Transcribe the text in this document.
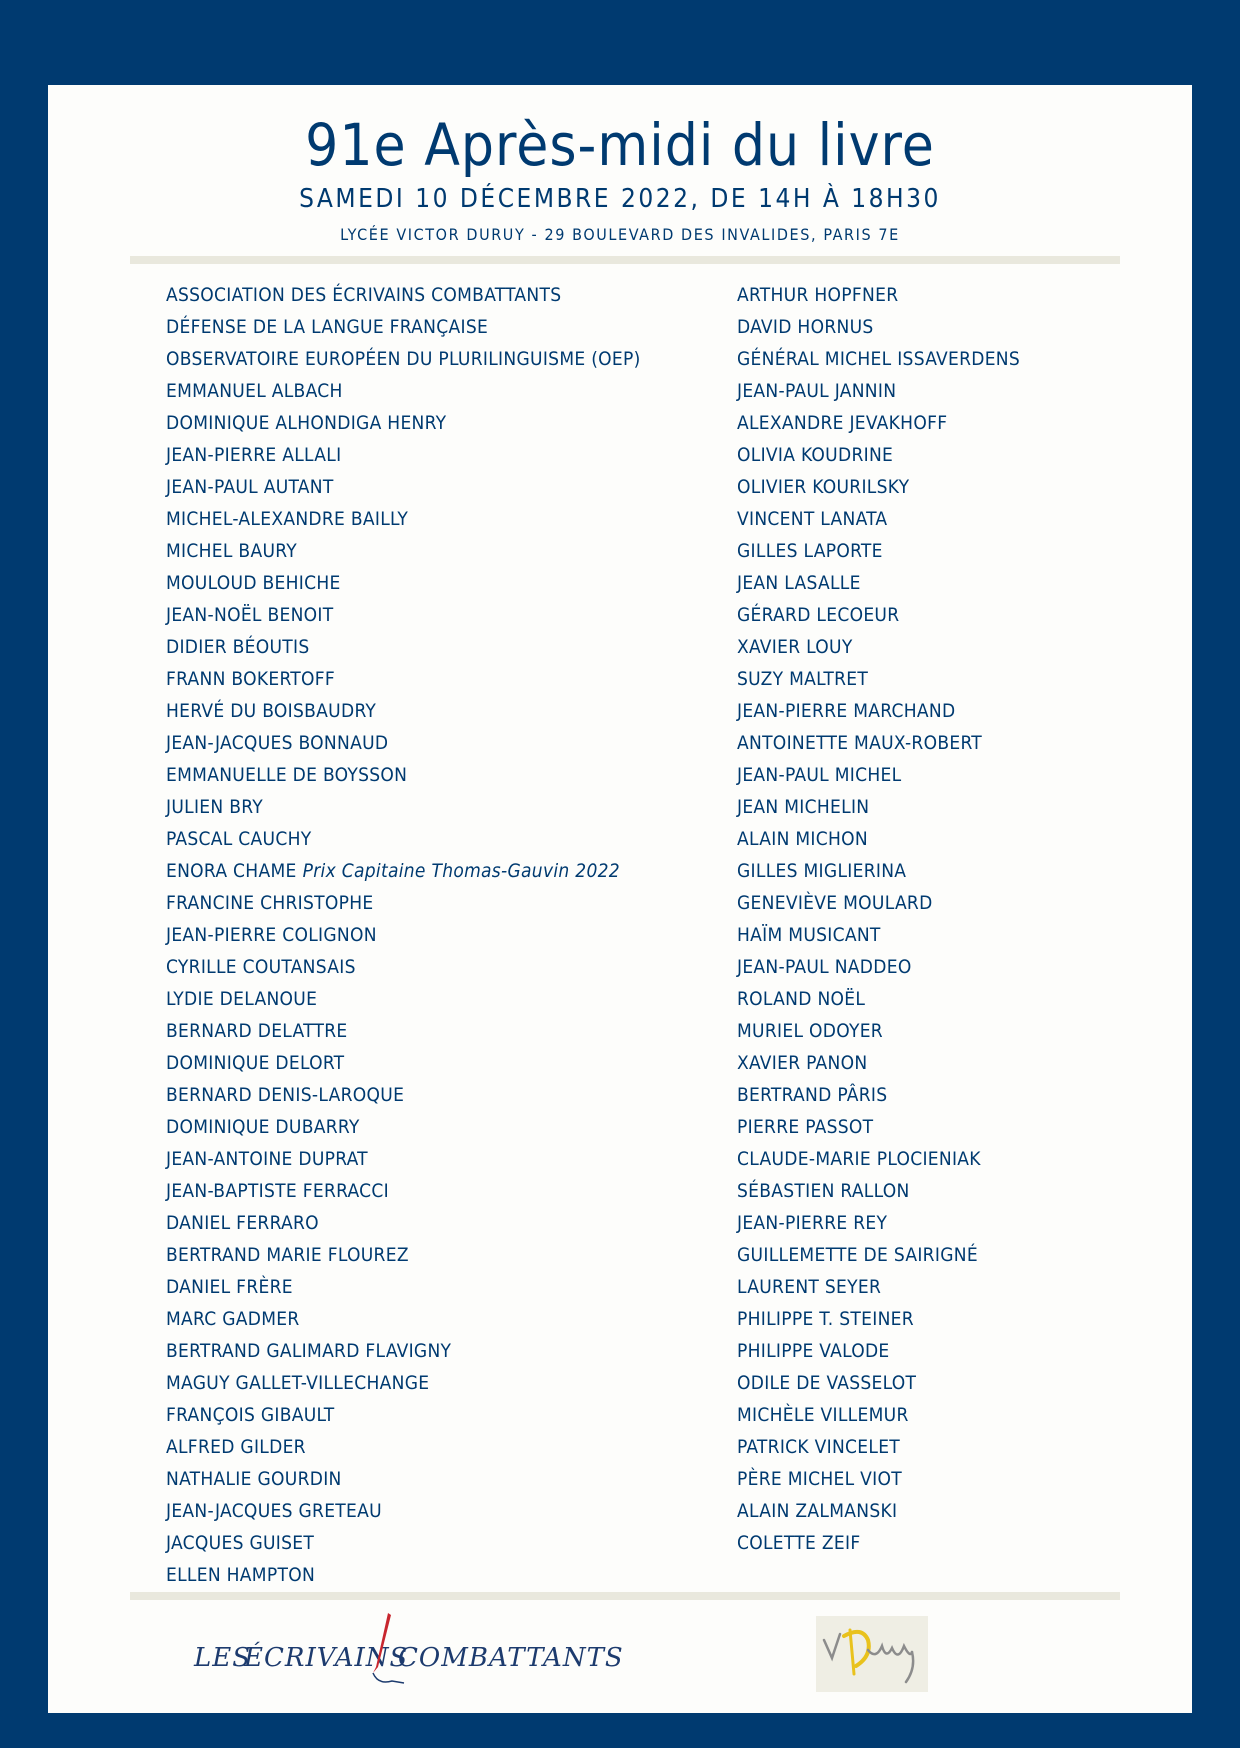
91e Après-midi du livre
SAMEDI 10 DÉCEMBRE 2022, DE 14H À 18H30
LYCÉE VICTOR DURUY - 29 BOULEVARD DES INVALIDES, PARIS 7E
ASSOCIATION DES ÉCRIVAINS COMBATTANTS
DÉFENSE DE LA LANGUE FRANÇAISE
OBSERVATOIRE EUROPÉEN DU PLURILINGUISME (OEP)
EMMANUEL ALBACH
DOMINIQUE ALHONDIGA HENRY
JEAN-PIERRE ALLALI
JEAN-PAUL AUTANT
MICHEL-ALEXANDRE BAILLY
MICHEL BAURY
MOULOUD BEHICHE
JEAN-NOËL BENOIT
DIDIER BÉOUTIS
FRANN BOKERTOFF
HERVÉ DU BOISBAUDRY
JEAN-JACQUES BONNAUD
EMMANUELLE DE BOYSSON
JULIEN BRY
PASCAL CAUCHY
ENORA CHAME Prix Capitaine Thomas-Gauvin 2022
FRANCINE CHRISTOPHE
JEAN-PIERRE COLIGNON
CYRILLE COUTANSAIS
LYDIE DELANOUE
BERNARD DELATTRE
DOMINIQUE DELORT
BERNARD DENIS-LAROQUE
DOMINIQUE DUBARRY
JEAN-ANTOINE DUPRAT
JEAN-BAPTISTE FERRACCI
DANIEL FERRARO
BERTRAND MARIE FLOUREZ
DANIEL FRÈRE
MARC GADMER
BERTRAND GALIMARD FLAVIGNY
MAGUY GALLET-VILLECHANGE
FRANÇOIS GIBAULT
ALFRED GILDER
NATHALIE GOURDIN
JEAN-JACQUES GRETEAU
JACQUES GUISET
ELLEN HAMPTON
ARTHUR HOPFNER
DAVID HORNUS
GÉNÉRAL MICHEL ISSAVERDENS
JEAN-PAUL JANNIN
ALEXANDRE JEVAKHOFF
OLIVIA KOUDRINE
OLIVIER KOURILSKY
VINCENT LANATA
GILLES LAPORTE
JEAN LASALLE
GÉRARD LECOEUR
XAVIER LOUY
SUZY MALTRET
JEAN-PIERRE MARCHAND
ANTOINETTE MAUX-ROBERT
JEAN-PAUL MICHEL
JEAN MICHELIN
ALAIN MICHON
GILLES MIGLIERINA
GENEVIÈVE MOULARD
HAÏM MUSICANT
JEAN-PAUL NADDEO
ROLAND NOËL
MURIEL ODOYER
XAVIER PANON
BERTRAND PÂRIS
PIERRE PASSOT
CLAUDE-MARIE PLOCIENIAK
SÉBASTIEN RALLON
JEAN-PIERRE REY
GUILLEMETTE DE SAIRIGNÉ
LAURENT SEYER
PHILIPPE T. STEINER
PHILIPPE VALODE
ODILE DE VASSELOT
MICHÈLE VILLEMUR
PATRICK VINCELET
PÈRE MICHEL VIOT
ALAIN ZALMANSKI
COLETTE ZEIF
LES
ÉCRIVAINS
COMBATTANTS
